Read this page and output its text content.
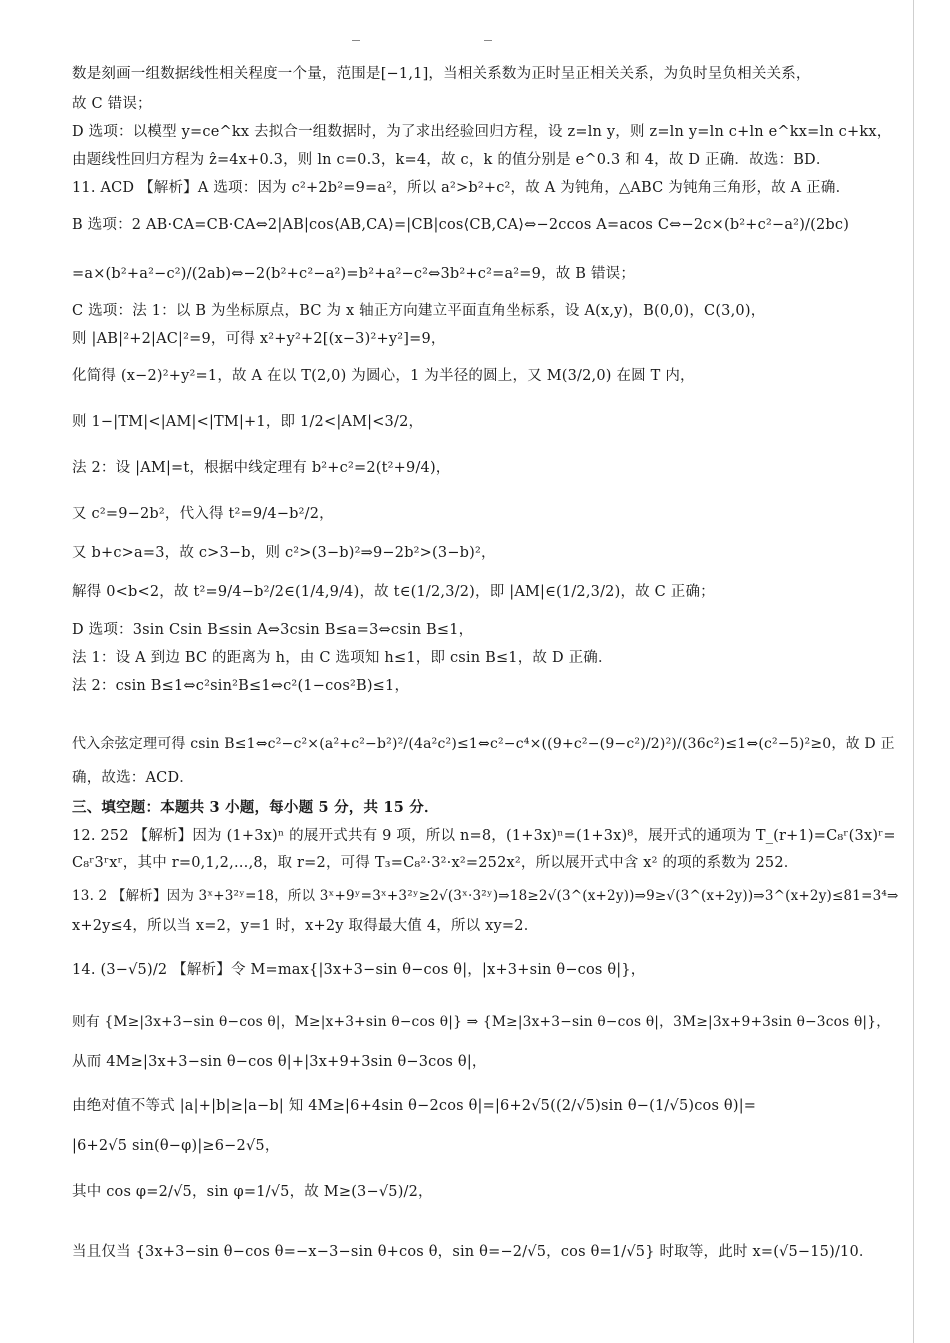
数是刻画一组数据线性相关程度一个量，范围是[−1,1]，当相关系数为正时呈正相关关系，为负时呈负相关关系，
故 C 错误；
D 选项：以模型 y=ce^kx 去拟合一组数据时，为了求出经验回归方程，设 z=ln y，则 z=ln y=ln c+ln e^kx=ln c+kx，
由题线性回归方程为 ẑ=4x+0.3，则 ln c=0.3，k=4，故 c，k 的值分别是 e^0.3 和 4，故 D 正确．故选：BD．
11. ACD 【解析】A 选项：因为 c²+2b²=9=a²，所以 a²>b²+c²，故 A 为钝角，△ABC 为钝角三角形，故 A 正确．
B 选项：2 AB·CA=CB·CA⇔2|AB|cos⟨AB,CA⟩=|CB|cos⟨CB,CA⟩⇔−2ccos A=acos C⇔−2c×(b²+c²−a²)/(2bc)
=a×(b²+a²−c²)/(2ab)⇔−2(b²+c²−a²)=b²+a²−c²⇔3b²+c²=a²=9，故 B 错误；
C 选项：法 1：以 B 为坐标原点，BC 为 x 轴正方向建立平面直角坐标系，设 A(x,y)，B(0,0)，C(3,0)，
则 |AB|²+2|AC|²=9，可得 x²+y²+2[(x−3)²+y²]=9，
化简得 (x−2)²+y²=1，故 A 在以 T(2,0) 为圆心，1 为半径的圆上，又 M(3/2,0) 在圆 T 内，
则 1−|TM|<|AM|<|TM|+1，即 1/2<|AM|<3/2，
法 2：设 |AM|=t，根据中线定理有 b²+c²=2(t²+9/4)，
又 c²=9−2b²，代入得 t²=9/4−b²/2，
又 b+c>a=3，故 c>3−b，则 c²>(3−b)²⇒9−2b²>(3−b)²，
解得 0<b<2，故 t²=9/4−b²/2∈(1/4,9/4)，故 t∈(1/2,3/2)，即 |AM|∈(1/2,3/2)，故 C 正确；
D 选项：3sin Csin B≤sin A⇔3csin B≤a=3⇔csin B≤1，
法 1：设 A 到边 BC 的距离为 h，由 C 选项知 h≤1，即 csin B≤1，故 D 正确．
法 2：csin B≤1⇔c²sin²B≤1⇔c²(1−cos²B)≤1，
代入余弦定理可得 csin B≤1⇔c²−c²×(a²+c²−b²)²/(4a²c²)≤1⇔c²−c⁴×((9+c²−(9−c²)/2)²)/(36c²)≤1⇔(c²−5)²≥0，故 D 正
确，故选：ACD．
三、填空题：本题共 3 小题，每小题 5 分，共 15 分．
12. 252 【解析】因为 (1+3x)ⁿ 的展开式共有 9 项，所以 n=8，(1+3x)ⁿ=(1+3x)⁸，展开式的通项为 T_(r+1)=C₈ʳ(3x)ʳ=
C₈ʳ3ʳxʳ，其中 r=0,1,2,…,8，取 r=2，可得 T₃=C₈²·3²·x²=252x²，所以展开式中含 x² 的项的系数为 252．
13. 2 【解析】因为 3ˣ+3²ʸ=18，所以 3ˣ+9ʸ=3ˣ+3²ʸ≥2√(3ˣ·3²ʸ)⇒18≥2√(3^(x+2y))⇒9≥√(3^(x+2y))⇒3^(x+2y)≤81=3⁴⇒
x+2y≤4，所以当 x=2，y=1 时，x+2y 取得最大值 4，所以 xy=2．
14. (3−√5)/2 【解析】令 M=max{|3x+3−sin θ−cos θ|，|x+3+sin θ−cos θ|}，
则有 {M≥|3x+3−sin θ−cos θ|，M≥|x+3+sin θ−cos θ|} ⇒ {M≥|3x+3−sin θ−cos θ|，3M≥|3x+9+3sin θ−3cos θ|}，
从而 4M≥|3x+3−sin θ−cos θ|+|3x+9+3sin θ−3cos θ|，
由绝对值不等式 |a|+|b|≥|a−b| 知 4M≥|6+4sin θ−2cos θ|=|6+2√5((2/√5)sin θ−(1/√5)cos θ)|=
|6+2√5 sin(θ−φ)|≥6−2√5，
其中 cos φ=2/√5，sin φ=1/√5，故 M≥(3−√5)/2，
当且仅当 {3x+3−sin θ−cos θ=−x−3−sin θ+cos θ，sin θ=−2/√5，cos θ=1/√5} 时取等，此时 x=(√5−15)/10．
